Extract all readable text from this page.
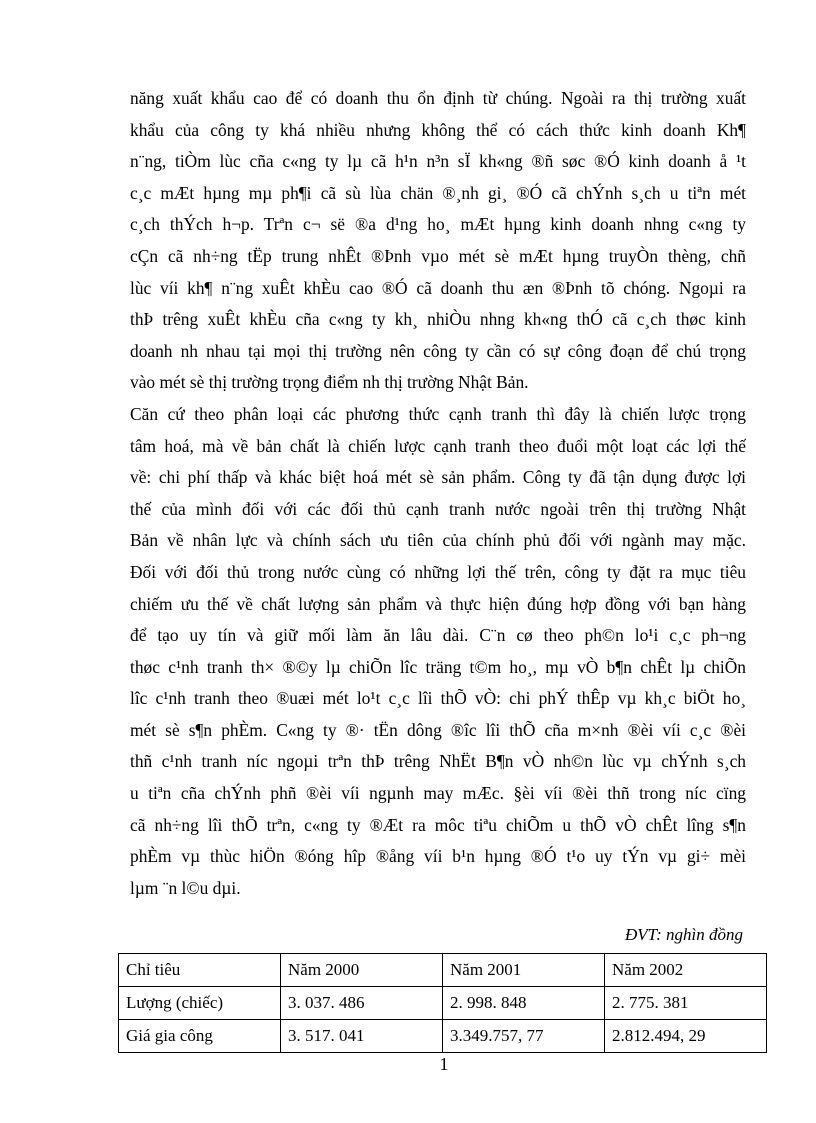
năng xuất khẩu cao để có doanh thu ổn định từ chúng. Ngoài ra thị trường xuất
khẩu của công ty khá nhiều nhưng không thể có cách thức kinh doanh Kh¶
n¨ng, tiÒm lùc cña c«ng ty lµ cã h¹n n³n sÏ kh«ng ®ñ søc ®Ó kinh doanh å ¹t
c¸c mÆt hµng mµ ph¶i cã sù lùa chän ®¸nh gi¸ ®Ó cã chÝnh s¸ch u tiªn mét
c¸ch thÝch h¬p. Trªn c¬ së ®a d¹ng ho¸ mÆt hµng kinh doanh nhng c«ng ty
cÇn cã nh÷ng tËp trung nhÊt ®Þnh vµo mét sè mÆt hµng truyÒn thèng, chñ
lùc víi kh¶ n¨ng xuÊt khÈu cao ®Ó cã doanh thu æn ®Þnh tõ chóng. Ngoµi ra
thÞ trêng xuÊt khÈu cña c«ng ty kh¸ nhiÒu nhng kh«ng thÓ cã c¸ch thøc kinh
doanh nh nhau tại mọi thị trường nên công ty cần có sự công đoạn để chú trọng
vào mét sè thị trường trọng điểm nh thị trường Nhật Bản.
Căn cứ theo phân loại các phương thức cạnh tranh thì đây là chiến lược trọng
tâm hoá, mà về bản chất là chiến lược cạnh tranh theo đuổi một loạt các lợi thế
về: chi phí thấp và khác biệt hoá mét sè sản phẩm. Công ty đã tận dụng được lợi
thế của mình đối với các đối thủ cạnh tranh nước ngoài trên thị trường Nhật
Bản về nhân lực và chính sách ưu tiên của chính phủ đối với ngành may mặc.
Đối với đối thủ trong nước cùng có những lợi thế trên, công ty đặt ra mục tiêu
chiếm ưu thế về chất lượng sản phẩm và thực hiện đúng hợp đồng với bạn hàng
để tạo uy tín và giữ mối làm ăn lâu dài. C¨n cø theo ph©n lo¹i c¸c ph¬ng
thøc c¹nh tranh th× ®©y lµ chiÕn lîc träng t©m ho¸, mµ vÒ b¶n chÊt lµ chiÕn
lîc c¹nh tranh theo ®uæi mét lo¹t c¸c lîi thÕ vÒ: chi phÝ thÊp vµ kh¸c biÖt ho¸
mét sè s¶n phÈm. C«ng ty ®· tËn dông ®îc lîi thÕ cña m×nh ®èi víi c¸c ®èi
thñ c¹nh tranh níc ngoµi trªn thÞ trêng NhËt B¶n vÒ nh©n lùc vµ chÝnh s¸ch
u tiªn cña chÝnh phñ ®èi víi ngµnh may mÆc. §èi víi ®èi thñ trong níc cïng
cã nh÷ng lîi thÕ trªn, c«ng ty ®Æt ra môc tiªu chiÕm u thÕ vÒ chÊt lîng s¶n
phÈm vµ thùc hiÖn ®óng hîp ®ång víi b¹n hµng ®Ó t¹o uy tÝn vµ gi÷ mèi
lµm ¨n l©u dµi.
ĐVT: nghìn đồng
Chỉ tiêu	Năm 2000	Năm 2001	Năm 2002
Lượng (chiếc)	3. 037. 486	2. 998. 848	2. 775. 381
Giá gia công	3. 517. 041	3.349.757, 77	2.812.494, 29
1
